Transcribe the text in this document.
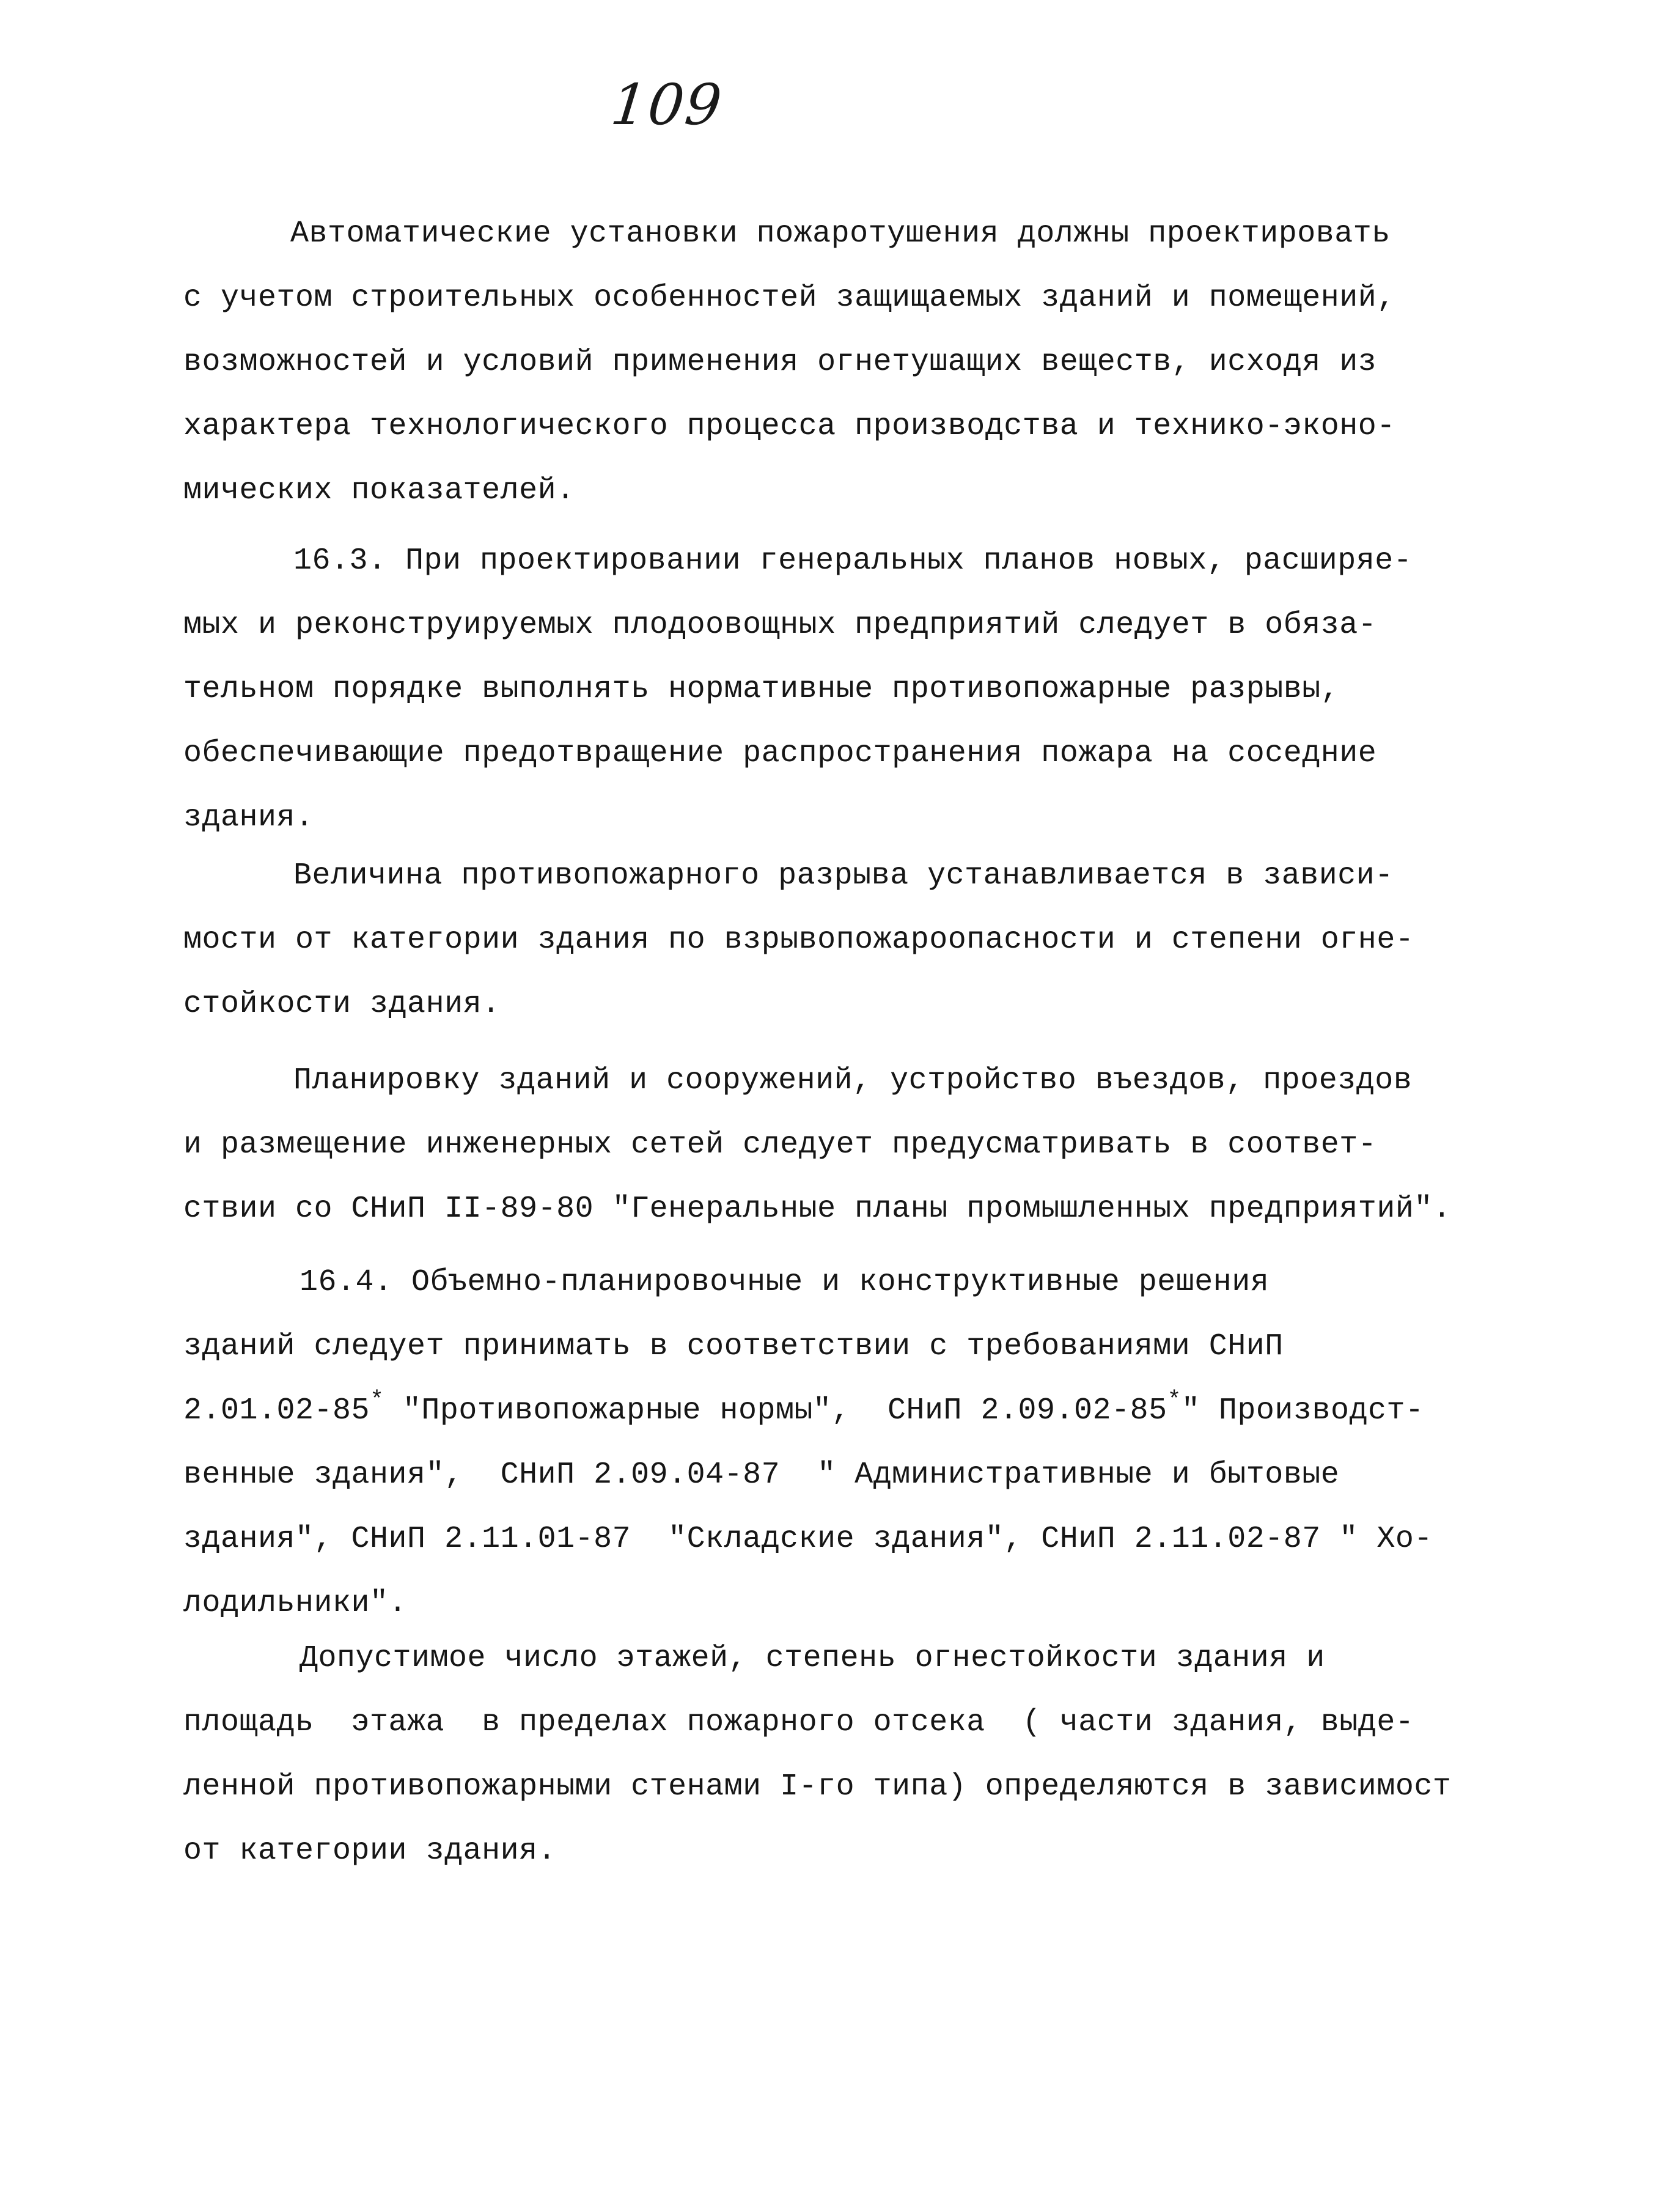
109

Автоматические установки пожаротушения должны проектировать
с учетом строительных особенностей защищаемых зданий и помещений,
возможностей и условий применения огнетушащих веществ, исходя из
характера технологического процесса производства и технико-эконо-
мических показателей.

16.3. При проектировании генеральных планов новых, расширяе-
мых и реконструируемых плодоовощных предприятий следует в обяза-
тельном порядке выполнять нормативные противопожарные разрывы,
обеспечивающие предотвращение распространения пожара на соседние
здания.

Величина противопожарного разрыва устанавливается в зависи-
мости от категории здания по взрывопожароопасности и степени огне-
стойкости здания.

Планировку зданий и сооружений, устройство въездов, проездов
и размещение инженерных сетей следует предусматривать в соответ-
ствии со СНиП II-89-80 "Генеральные планы промышленных предприятий".

16.4. Объемно-планировочные и конструктивные решения
зданий следует принимать в соответствии с требованиями СНиП
2.01.02-85* "Противопожарные нормы",  СНиП 2.09.02-85*" Производст-
венные здания",  СНиП 2.09.04-87  " Административные и бытовые
здания", СНиП 2.11.01-87  "Складские здания", СНиП 2.11.02-87 " Хо-
лодильники".

Допустимое число этажей, степень огнестойкости здания и
площадь  этажа  в пределах пожарного отсека  ( части здания, выде-
ленной противопожарными стенами I-го типа) определяются в зависимост
от категории здания.
